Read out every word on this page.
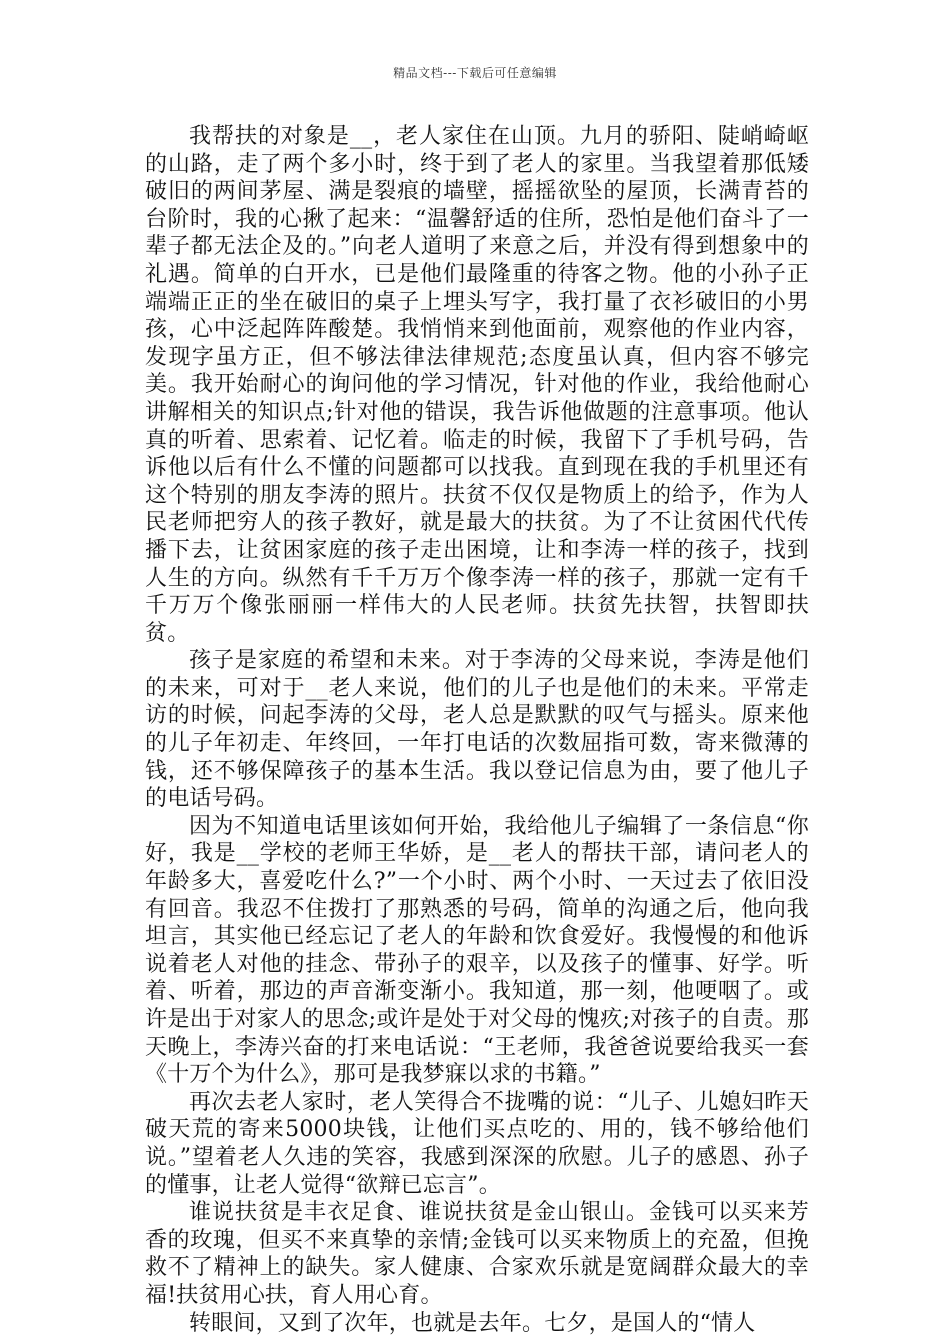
精品文档---下载后可任意编辑

我帮扶的对象是__，老人家住在山顶。九月的骄阳、陡峭崎岖的山路，走了两个多小时，终于到了老人的家里。当我望着那低矮破旧的两间茅屋、满是裂痕的墙壁，摇摇欲坠的屋顶，长满青苔的台阶时，我的心揪了起来：“温馨舒适的住所，恐怕是他们奋斗了一辈子都无法企及的。”向老人道明了来意之后，并没有得到想象中的礼遇。简单的白开水，已是他们最隆重的待客之物。他的小孙子正端端正正的坐在破旧的桌子上埋头写字，我打量了衣衫破旧的小男孩，心中泛起阵阵酸楚。我悄悄来到他面前，观察他的作业内容，发现字虽方正，但不够法律法律规范;态度虽认真，但内容不够完美。我开始耐心的询问他的学习情况，针对他的作业，我给他耐心讲解相关的知识点;针对他的错误，我告诉他做题的注意事项。他认真的听着、思索着、记忆着。临走的时候，我留下了手机号码，告诉他以后有什么不懂的问题都可以找我。直到现在我的手机里还有这个特别的朋友李涛的照片。扶贫不仅仅是物质上的给予，作为人民老师把穷人的孩子教好，就是最大的扶贫。为了不让贫困代代传播下去，让贫困家庭的孩子走出困境，让和李涛一样的孩子，找到人生的方向。纵然有千千万万个像李涛一样的孩子，那就一定有千千万万个像张丽丽一样伟大的人民老师。扶贫先扶智，扶智即扶贫。

孩子是家庭的希望和未来。对于李涛的父母来说，李涛是他们的未来，可对于__老人来说，他们的儿子也是他们的未来。平常走访的时候，问起李涛的父母，老人总是默默的叹气与摇头。原来他的儿子年初走、年终回，一年打电话的次数屈指可数，寄来微薄的钱，还不够保障孩子的基本生活。我以登记信息为由，要了他儿子的电话号码。

因为不知道电话里该如何开始，我给他儿子编辑了一条信息“你好，我是__学校的老师王华娇，是__老人的帮扶干部，请问老人的年龄多大，喜爱吃什么?”一个小时、两个小时、一天过去了依旧没有回音。我忍不住拨打了那熟悉的号码，简单的沟通之后，他向我坦言，其实他已经忘记了老人的年龄和饮食爱好。我慢慢的和他诉说着老人对他的挂念、带孙子的艰辛，以及孩子的懂事、好学。听着、听着，那边的声音渐变渐小。我知道，那一刻，他哽咽了。或许是出于对家人的思念;或许是处于对父母的愧疚;对孩子的自责。那天晚上，李涛兴奋的打来电话说：“王老师，我爸爸说要给我买一套《十万个为什么》，那可是我梦寐以求的书籍。”

再次去老人家时，老人笑得合不拢嘴的说：“儿子、儿媳妇昨天破天荒的寄来5000块钱，让他们买点吃的、用的，钱不够给他们说。”望着老人久违的笑容，我感到深深的欣慰。儿子的感恩、孙子的懂事，让老人觉得“欲辩已忘言”。

谁说扶贫是丰衣足食、谁说扶贫是金山银山。金钱可以买来芳香的玫瑰，但买不来真挚的亲情;金钱可以买来物质上的充盈，但挽救不了精神上的缺失。家人健康、合家欢乐就是宽阔群众最大的幸福!扶贫用心扶，育人用心育。

转眼间，又到了次年，也就是去年。七夕，是国人的“情人
